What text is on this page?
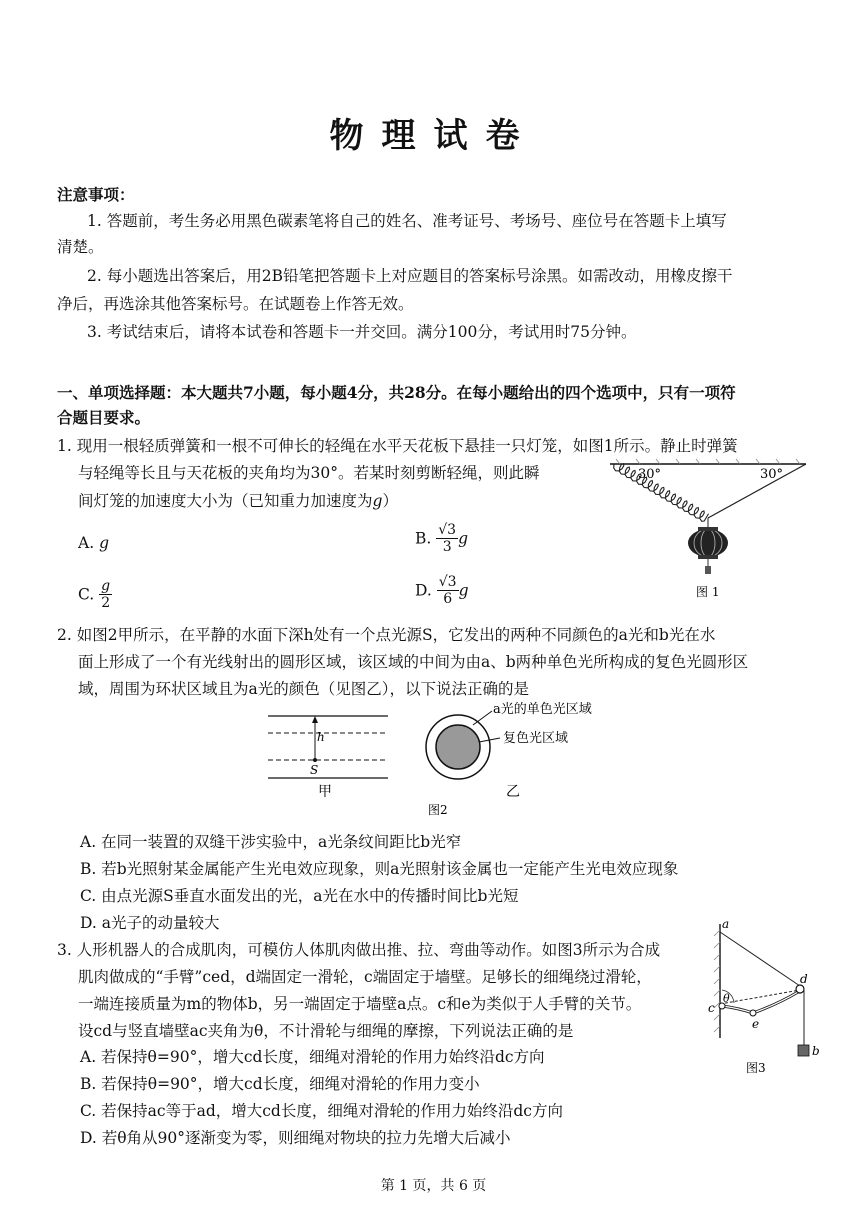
物理试卷
注意事项：
1. 答题前，考生务必用黑色碳素笔将自己的姓名、准考证号、考场号、座位号在答题卡上填写
清楚。
2. 每小题选出答案后，用2B铅笔把答题卡上对应题目的答案标号涂黑。如需改动，用橡皮擦干
净后，再选涂其他答案标号。在试题卷上作答无效。
3. 考试结束后，请将本试卷和答题卡一并交回。满分100分，考试用时75分钟。
一、单项选择题：本大题共7小题，每小题4分，共28分。在每小题给出的四个选项中，只有一项符
合题目要求。
1. 现用一根轻质弹簧和一根不可伸长的轻绳在水平天花板下悬挂一只灯笼，如图1所示。静止时弹簧
与轻绳等长且与天花板的夹角均为30°。若某时刻剪断轻绳，则此瞬
间灯笼的加速度大小为（已知重力加速度为g）
A. g	B. $\frac{√3}{3}$ g
C. $\frac{g}{2}$	D. $\frac{√3}{6}$ g
30°	30°
图 1
2. 如图2甲所示，在平静的水面下深h处有一个点光源S，它发出的两种不同颜色的a光和b光在水
面上形成了一个有光线射出的圆形区域，该区域的中间为由a、b两种单色光所构成的复色光圆形区
域，周围为环状区域且为a光的颜色（见图乙），以下说法正确的是
h
S
甲
a光的单色光区域
复色光区域
乙
图2
A. 在同一装置的双缝干涉实验中，a光条纹间距比b光窄
B. 若b光照射某金属能产生光电效应现象，则a光照射该金属也一定能产生光电效应现象
C. 由点光源S垂直水面发出的光，a光在水中的传播时间比b光短
D. a光子的动量较大
3. 人形机器人的合成肌肉，可模仿人体肌肉做出推、拉、弯曲等动作。如图3所示为合成
肌肉做成的“手臂”ced，d端固定一滑轮，c端固定于墙壁。足够长的细绳绕过滑轮，
一端连接质量为m的物体b，另一端固定于墙壁a点。c和e为类似于人手臂的关节。
设cd与竖直墙壁ac夹角为θ，不计滑轮与细绳的摩擦，下列说法正确的是
A. 若保持θ=90°，增大cd长度，细绳对滑轮的作用力始终沿dc方向
B. 若保持θ=90°，增大cd长度，细绳对滑轮的作用力变小
C. 若保持ac等于ad，增大cd长度，细绳对滑轮的作用力始终沿dc方向
D. 若θ角从90°逐渐变为零，则细绳对物块的拉力先增大后减小
a
c
d
e
b
θ
图3
第 1 页，共 6 页
